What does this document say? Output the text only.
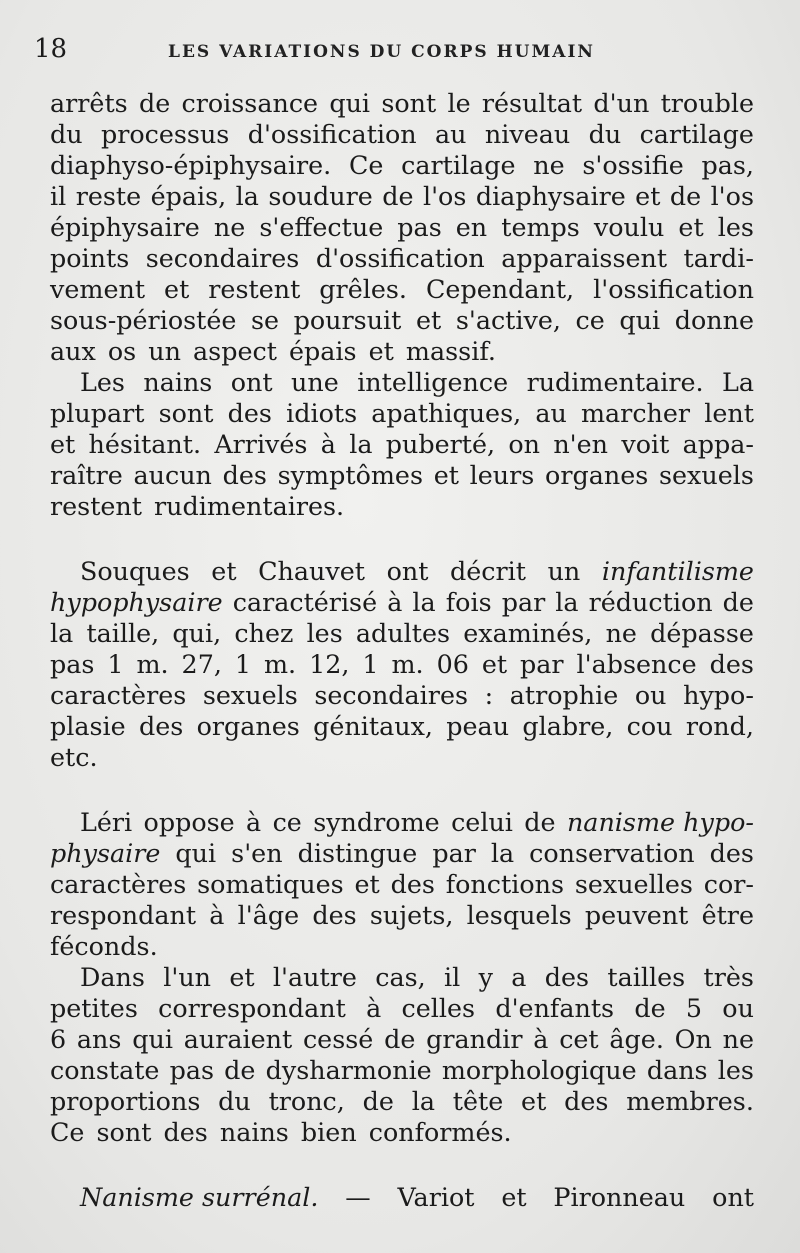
18	LES VARIATIONS DU CORPS HUMAIN
arrêts de croissance qui sont le résultat d'un trouble
du processus d'ossification au niveau du cartilage
diaphyso-épiphysaire. Ce cartilage ne s'ossifie pas,
il reste épais, la soudure de l'os diaphysaire et de l'os
épiphysaire ne s'effectue pas en temps voulu et les
points secondaires d'ossification apparaissent tardi-
vement et restent grêles. Cependant, l'ossification
sous-périostée se poursuit et s'active, ce qui donne
aux os un aspect épais et massif.
Les nains ont une intelligence rudimentaire. La
plupart sont des idiots apathiques, au marcher lent
et hésitant. Arrivés à la puberté, on n'en voit appa-
raître aucun des symptômes et leurs organes sexuels
restent rudimentaires.
Souques et Chauvet ont décrit un infantilisme
hypophysaire caractérisé à la fois par la réduction de
la taille, qui, chez les adultes examinés, ne dépasse
pas 1 m. 27, 1 m. 12, 1 m. 06 et par l'absence des
caractères sexuels secondaires : atrophie ou hypo-
plasie des organes génitaux, peau glabre, cou rond,
etc.
Léri oppose à ce syndrome celui de nanisme hypo-
physaire qui s'en distingue par la conservation des
caractères somatiques et des fonctions sexuelles cor-
respondant à l'âge des sujets, lesquels peuvent être
féconds.
Dans l'un et l'autre cas, il y a des tailles très
petites correspondant à celles d'enfants de 5 ou
6 ans qui auraient cessé de grandir à cet âge. On ne
constate pas de dysharmonie morphologique dans les
proportions du tronc, de la tête et des membres.
Ce sont des nains bien conformés.
Nanisme surrénal. — Variot et Pironneau ont
